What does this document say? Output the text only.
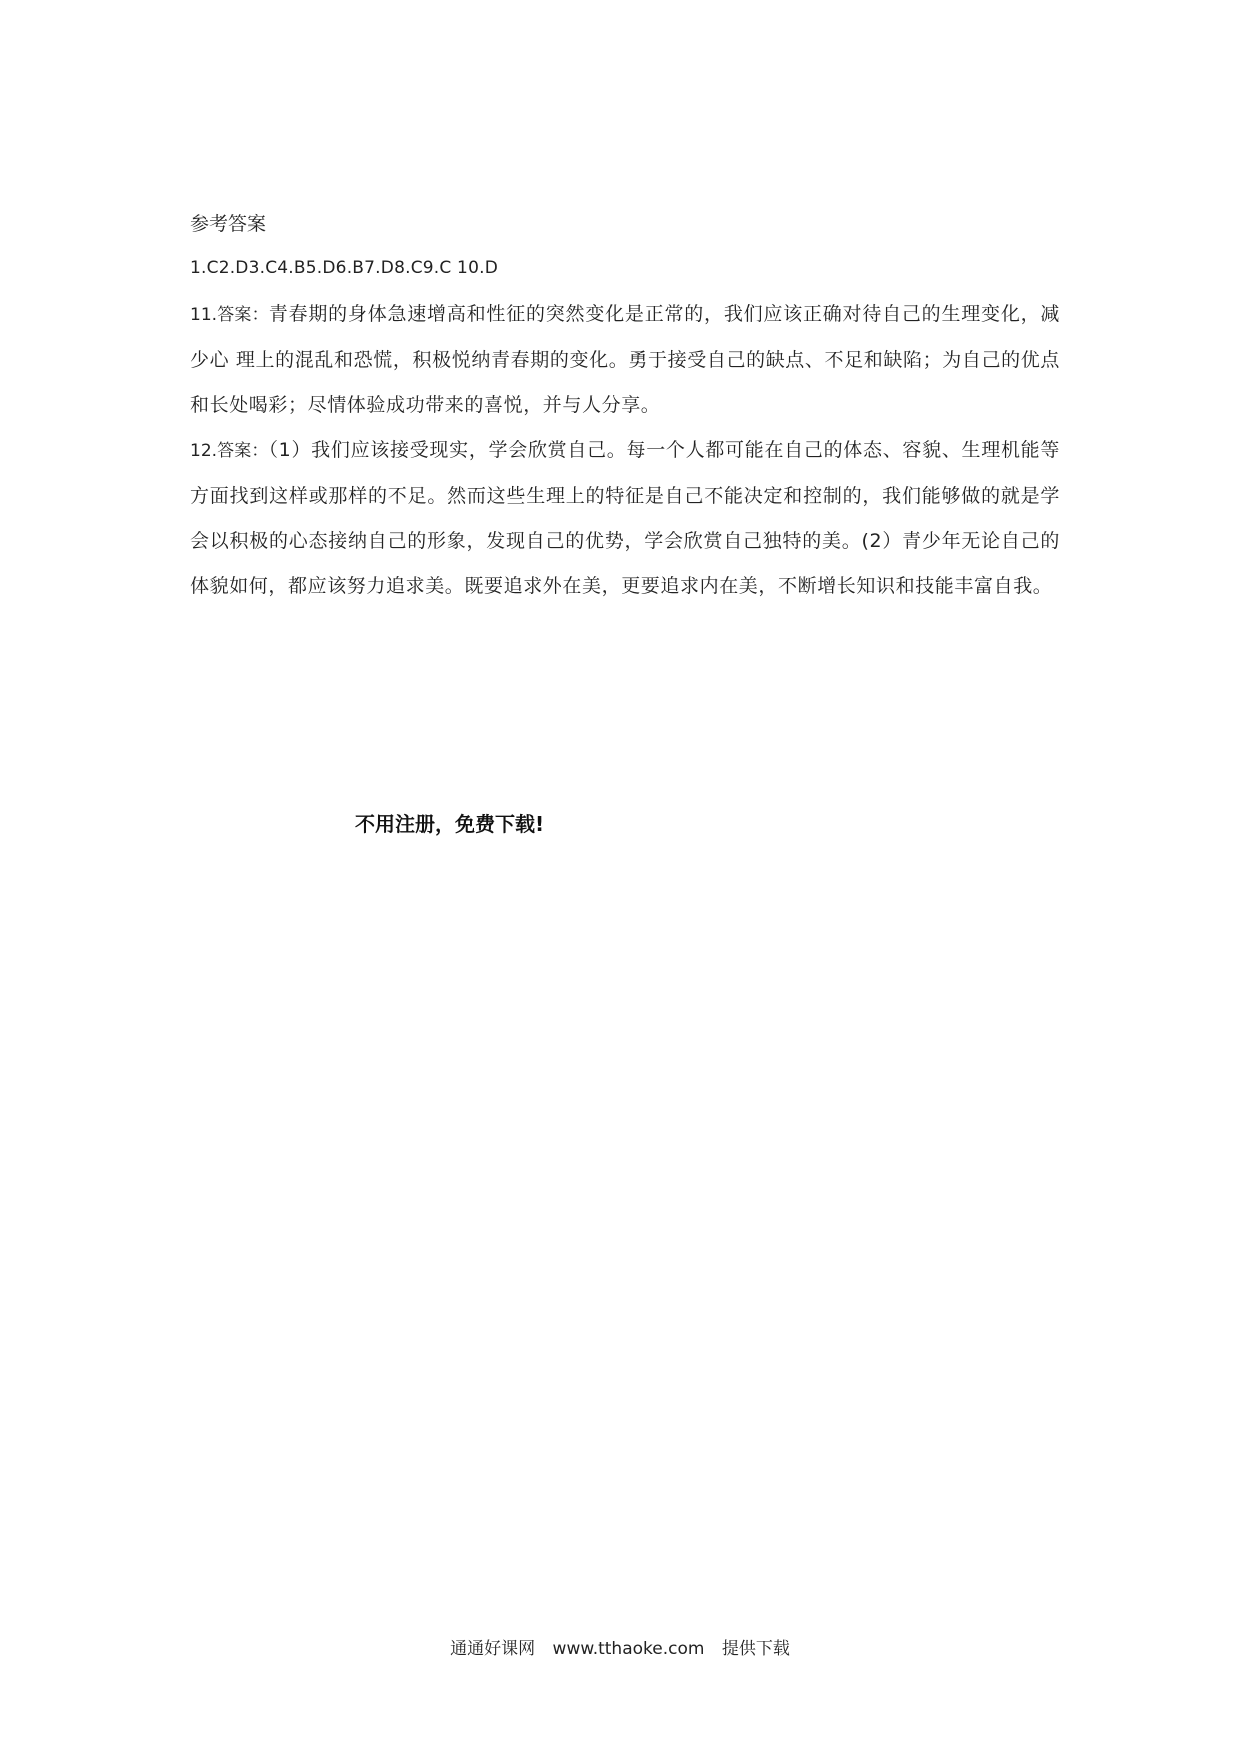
参考答案

1.C2.D3.C4.B5.D6.B7.D8.C9.C 10.D

11.答案：青春期的身体急速增高和性征的突然变化是正常的，我们应该正确对待自己的生理变化，减少心 理上的混乱和恐慌，积极悦纳青春期的变化。勇于接受自己的缺点、不足和缺陷；为自己的优点和长处喝彩；尽情体验成功带来的喜悦，并与人分享。

12.答案：（1）我们应该接受现实，学会欣赏自己。每一个人都可能在自己的体态、容貌、生理机能等方面找到这样或那样的不足。然而这些生理上的特征是自己不能决定和控制的，我们能够做的就是学会以积极的心态接纳自己的形象，发现自己的优势，学会欣赏自己独特的美。(2）青少年无论自己的体貌如何，都应该努力追求美。既要追求外在美，更要追求内在美，不断增长知识和技能丰富自我。

不用注册，免费下载!

通通好课网 www.tthaoke.com 提供下载
